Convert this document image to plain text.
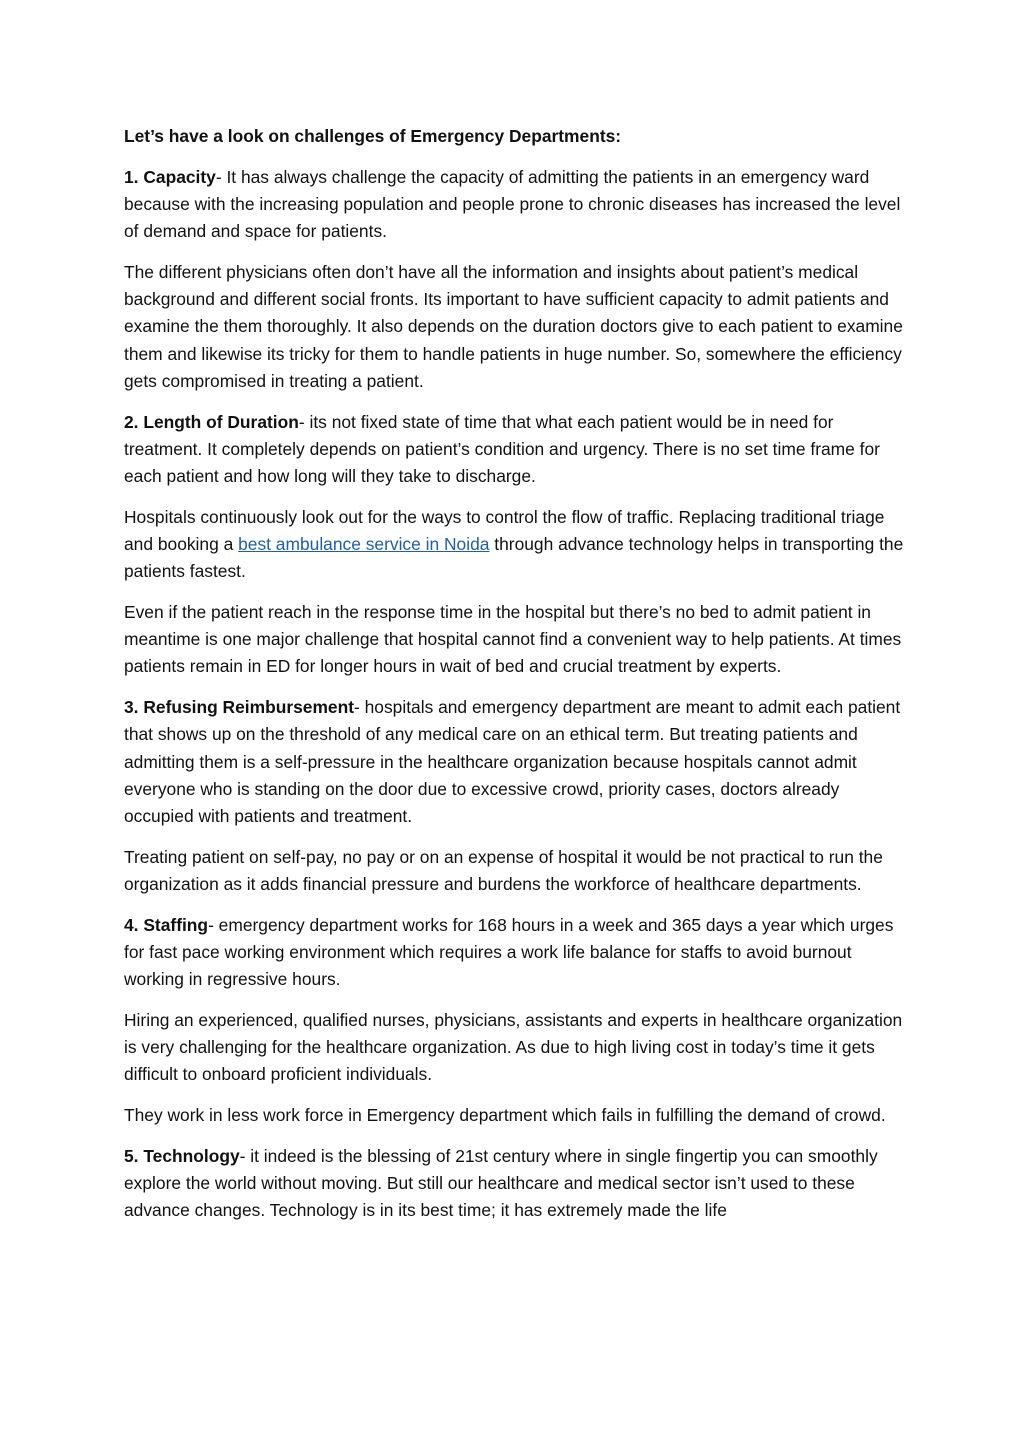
Let’s have a look on challenges of Emergency Departments:

1. Capacity- It has always challenge the capacity of admitting the patients in an emergency ward because with the increasing population and people prone to chronic diseases has increased the level of demand and space for patients.

The different physicians often don’t have all the information and insights about patient’s medical background and different social fronts. Its important to have sufficient capacity to admit patients and examine the them thoroughly. It also depends on the duration doctors give to each patient to examine them and likewise its tricky for them to handle patients in huge number. So, somewhere the efficiency gets compromised in treating a patient.

2. Length of Duration- its not fixed state of time that what each patient would be in need for treatment. It completely depends on patient’s condition and urgency. There is no set time frame for each patient and how long will they take to discharge.

Hospitals continuously look out for the ways to control the flow of traffic. Replacing traditional triage and booking a best ambulance service in Noida through advance technology helps in transporting the patients fastest.

Even if the patient reach in the response time in the hospital but there’s no bed to admit patient in meantime is one major challenge that hospital cannot find a convenient way to help patients. At times patients remain in ED for longer hours in wait of bed and crucial treatment by experts.

3. Refusing Reimbursement- hospitals and emergency department are meant to admit each patient that shows up on the threshold of any medical care on an ethical term. But treating patients and admitting them is a self-pressure in the healthcare organization because hospitals cannot admit everyone who is standing on the door due to excessive crowd, priority cases, doctors already occupied with patients and treatment.

Treating patient on self-pay, no pay or on an expense of hospital it would be not practical to run the organization as it adds financial pressure and burdens the workforce of healthcare departments.

4. Staffing- emergency department works for 168 hours in a week and 365 days a year which urges for fast pace working environment which requires a work life balance for staffs to avoid burnout working in regressive hours.

Hiring an experienced, qualified nurses, physicians, assistants and experts in healthcare organization is very challenging for the healthcare organization. As due to high living cost in today’s time it gets difficult to onboard proficient individuals.

They work in less work force in Emergency department which fails in fulfilling the demand of crowd.

5. Technology- it indeed is the blessing of 21st century where in single fingertip you can smoothly explore the world without moving. But still our healthcare and medical sector isn’t used to these advance changes. Technology is in its best time; it has extremely made the life
